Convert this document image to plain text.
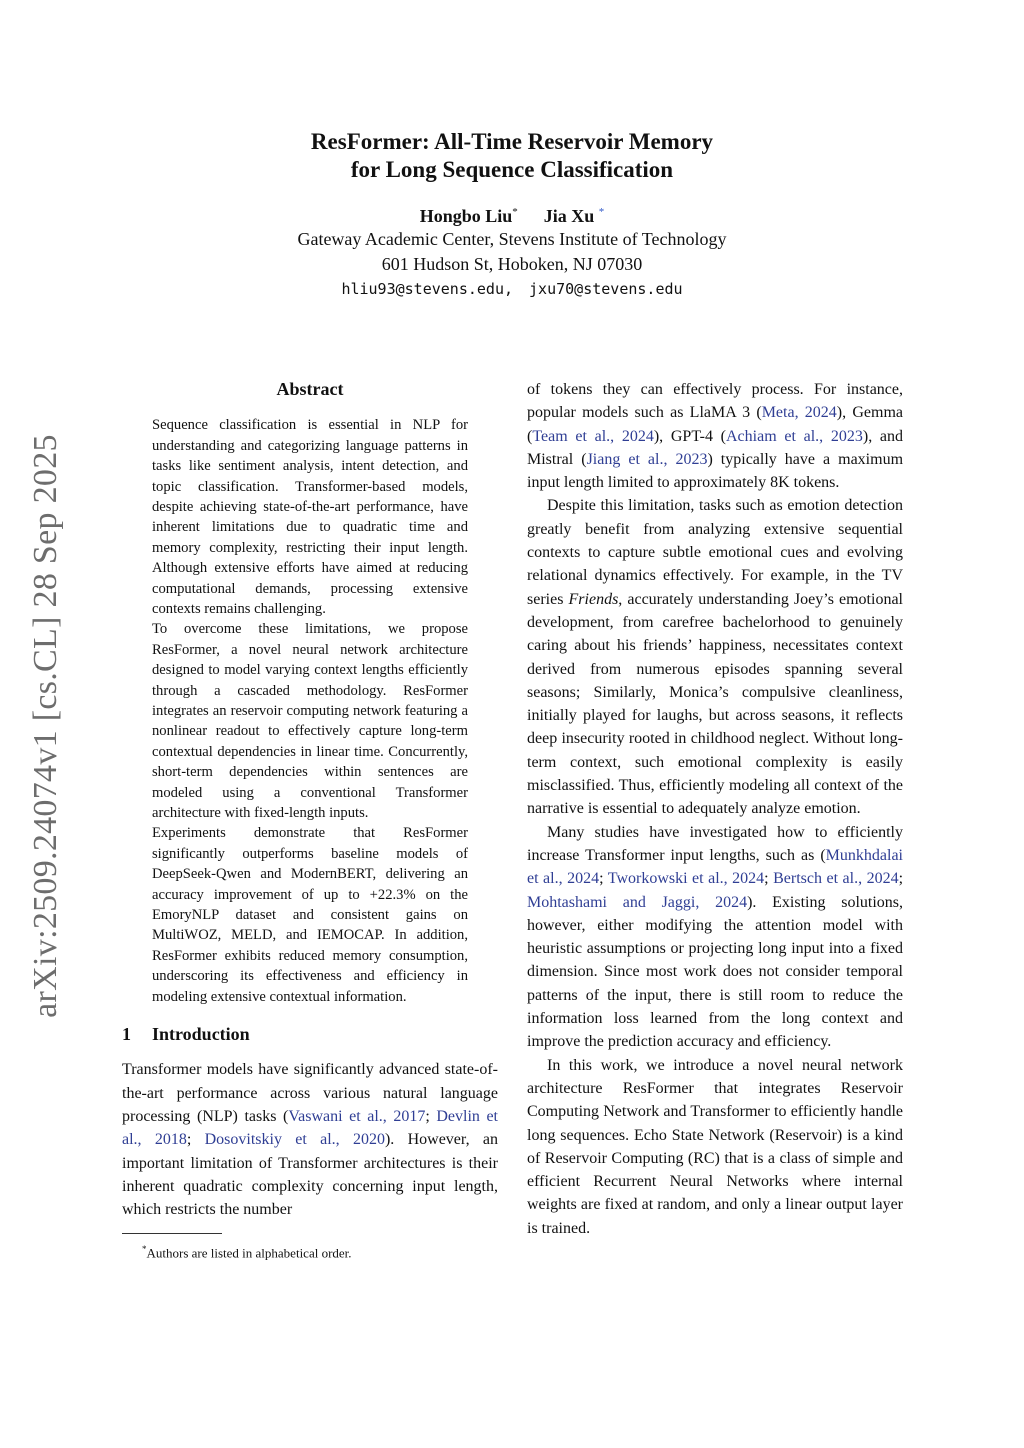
arXiv:2509.24074v1 [cs.CL] 28 Sep 2025
ResFormer: All-Time Reservoir Memory
for Long Sequence Classification
Hongbo Liu* Jia Xu *
Gateway Academic Center, Stevens Institute of Technology
601 Hudson St, Hoboken, NJ 07030
hliu93@stevens.edu, jxu70@stevens.edu
Abstract

Sequence classification is essential in NLP for understanding and categorizing language patterns in tasks like sentiment analysis, intent detection, and topic classification. Transformer-based models, despite achieving state-of-the-art performance, have inherent limitations due to quadratic time and memory complexity, restricting their input length. Although extensive efforts have aimed at reducing computational demands, processing extensive contexts remains challenging.

To overcome these limitations, we propose ResFormer, a novel neural network architecture designed to model varying context lengths efficiently through a cascaded methodology. ResFormer integrates an reservoir computing network featuring a nonlinear readout to effectively capture long-term contextual dependencies in linear time. Concurrently, short-term dependencies within sentences are modeled using a conventional Transformer architecture with fixed-length inputs.

Experiments demonstrate that ResFormer significantly outperforms baseline models of DeepSeek-Qwen and ModernBERT, delivering an accuracy improvement of up to +22.3% on the EmoryNLP dataset and consistent gains on MultiWOZ, MELD, and IEMOCAP. In addition, ResFormer exhibits reduced memory consumption, underscoring its effectiveness and efficiency in modeling extensive contextual information.

1 Introduction

Transformer models have significantly advanced state-of-the-art performance across various natural language processing (NLP) tasks (Vaswani et al., 2017; Devlin et al., 2018; Dosovitskiy et al., 2020). However, an important limitation of Transformer architectures is their inherent quadratic complexity concerning input length, which restricts the number

*Authors are listed in alphabetical order.

of tokens they can effectively process. For instance, popular models such as LlaMA 3 (Meta, 2024), Gemma (Team et al., 2024), GPT-4 (Achiam et al., 2023), and Mistral (Jiang et al., 2023) typically have a maximum input length limited to approximately 8K tokens.

Despite this limitation, tasks such as emotion detection greatly benefit from analyzing extensive sequential contexts to capture subtle emotional cues and evolving relational dynamics effectively. For example, in the TV series Friends, accurately understanding Joey’s emotional development, from carefree bachelorhood to genuinely caring about his friends’ happiness, necessitates context derived from numerous episodes spanning several seasons; Similarly, Monica’s compulsive cleanliness, initially played for laughs, but across seasons, it reflects deep insecurity rooted in childhood neglect. Without long-term context, such emotional complexity is easily misclassified. Thus, efficiently modeling all context of the narrative is essential to adequately analyze emotion.

Many studies have investigated how to efficiently increase Transformer input lengths, such as (Munkhdalai et al., 2024; Tworkowski et al., 2024; Bertsch et al., 2024; Mohtashami and Jaggi, 2024). Existing solutions, however, either modifying the attention model with heuristic assumptions or projecting long input into a fixed dimension. Since most work does not consider temporal patterns of the input, there is still room to reduce the information loss learned from the long context and improve the prediction accuracy and efficiency.

In this work, we introduce a novel neural network architecture ResFormer that integrates Reservoir Computing Network and Transformer to efficiently handle long sequences. Echo State Network (Reservoir) is a kind of Reservoir Computing (RC) that is a class of simple and efficient Recurrent Neural Networks where internal weights are fixed at random, and only a linear output layer is trained.
